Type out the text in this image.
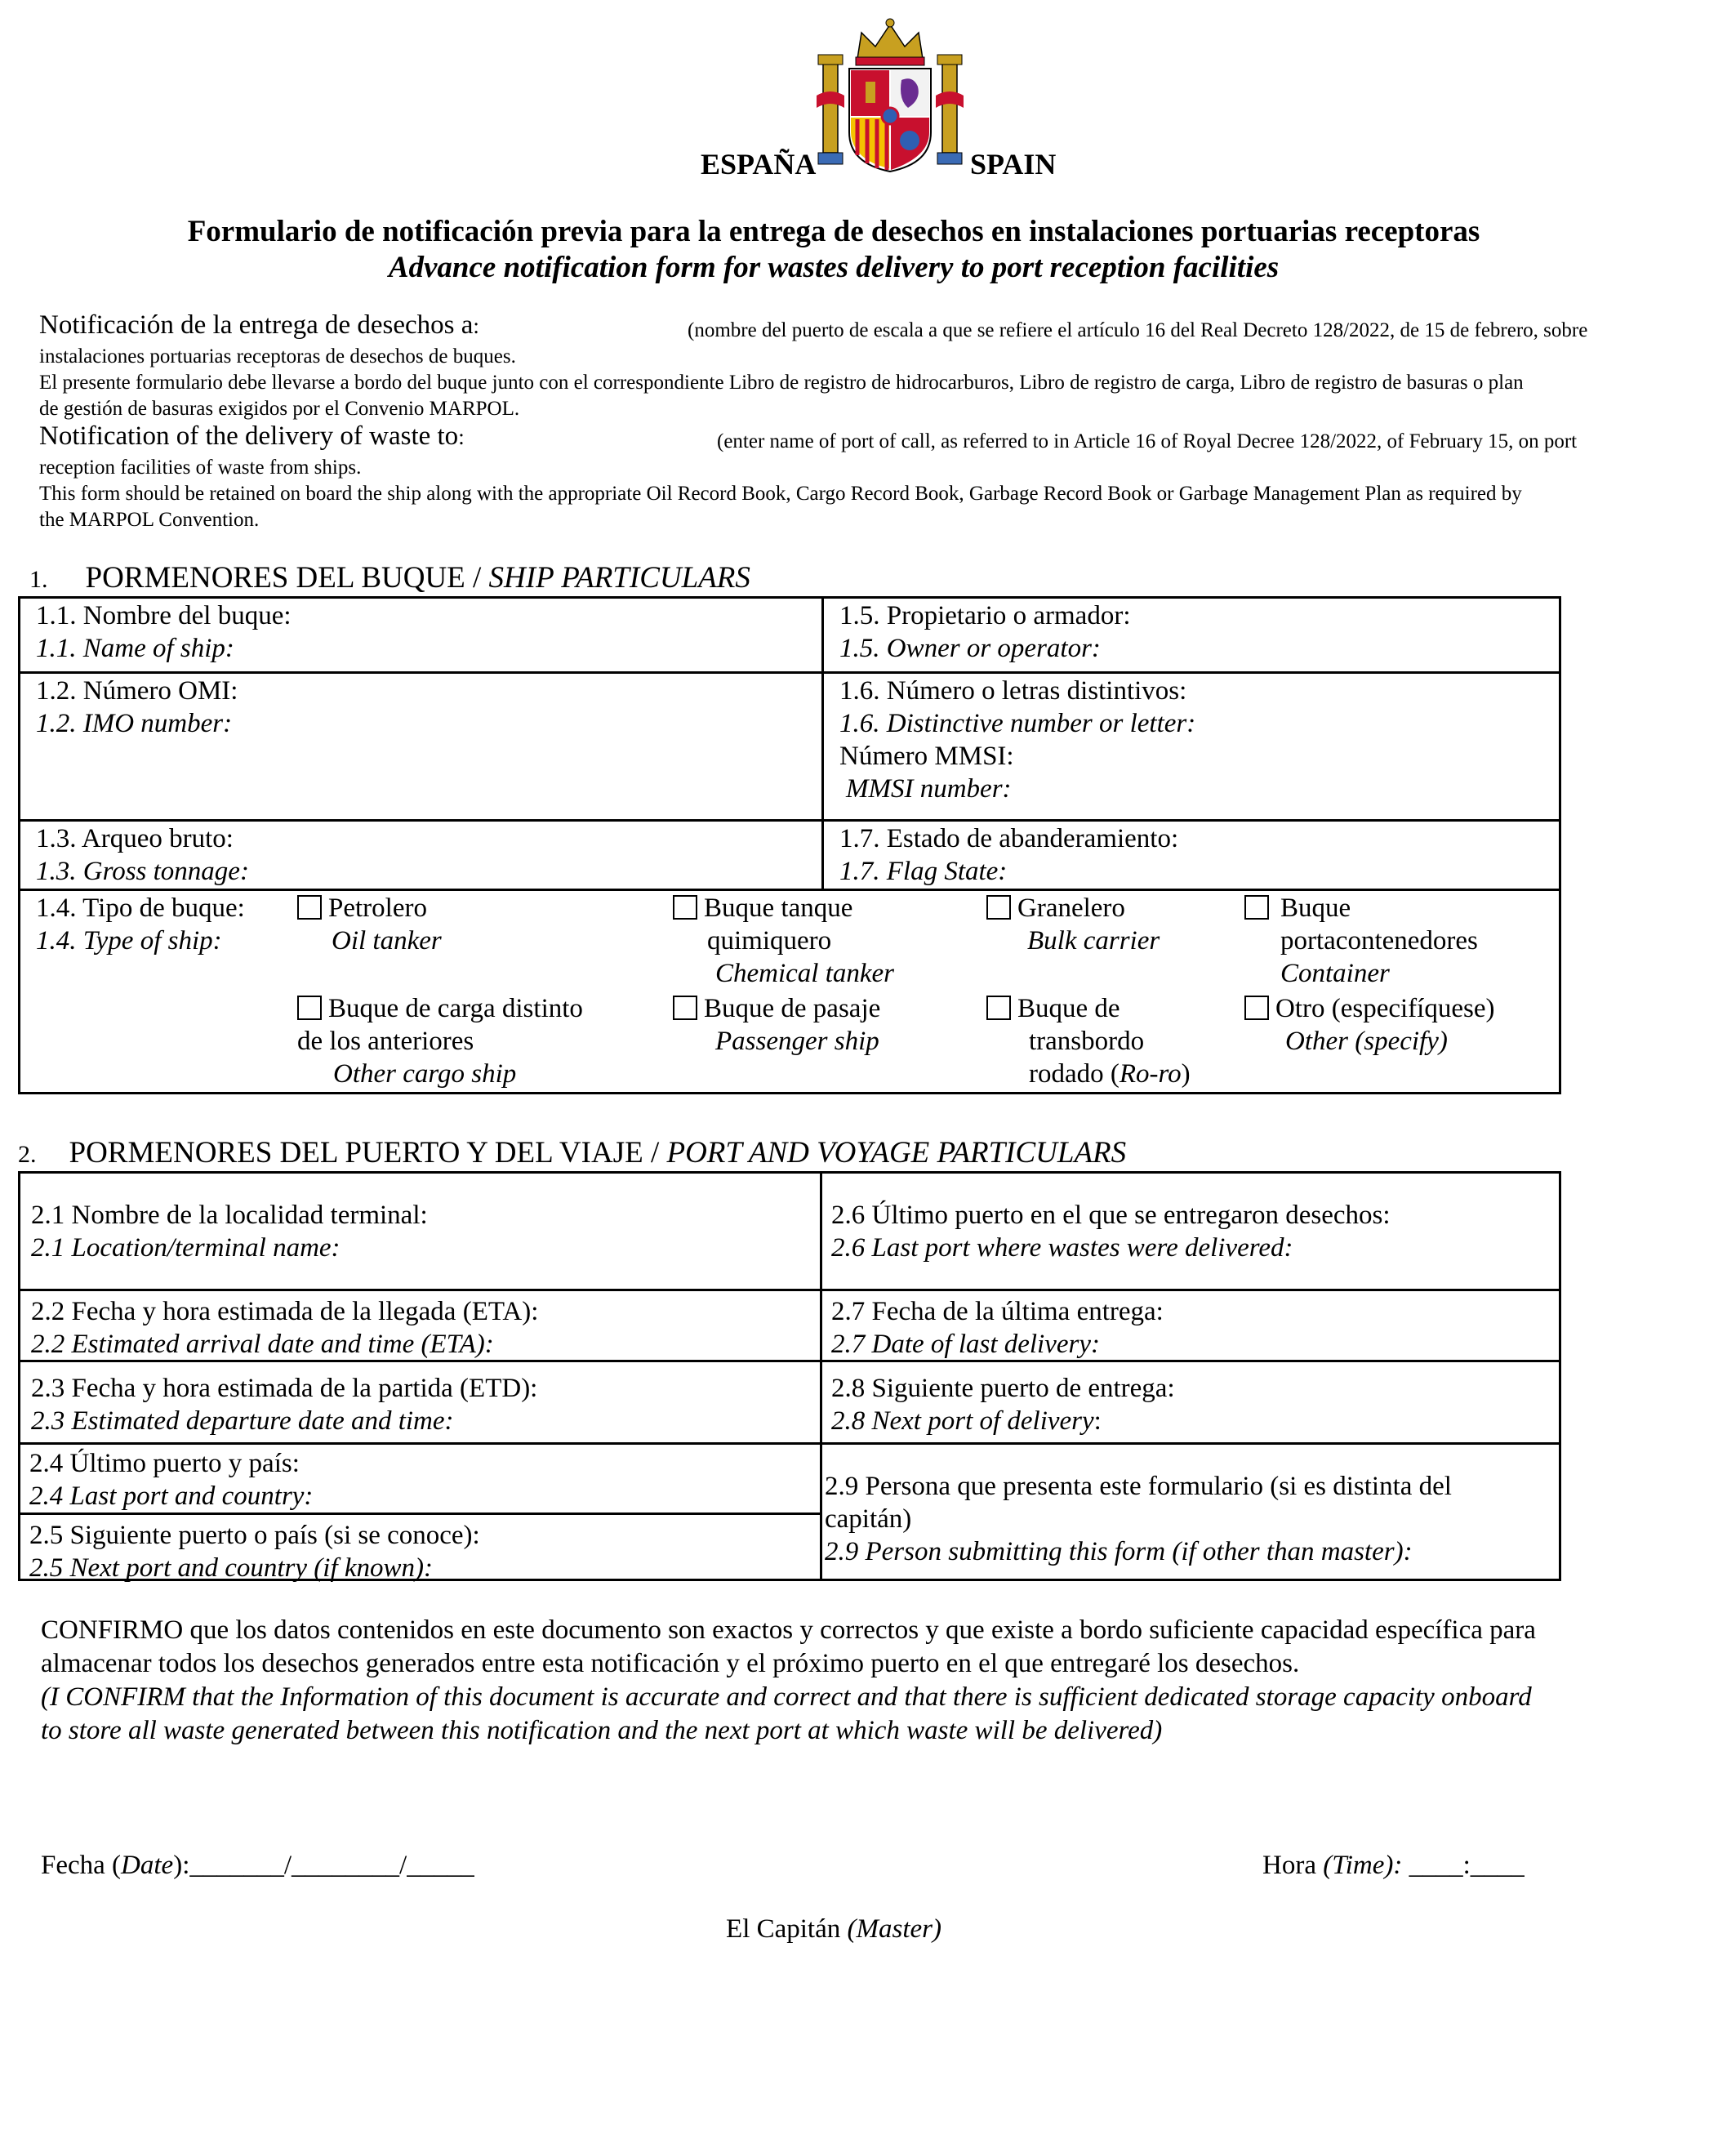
ESPAÑA	SPAIN
Formulario de notificación previa para la entrega de desechos en instalaciones portuarias receptoras
Advance notification form for wastes delivery to port reception facilities
Notificación de la entrega de desechos a:	(nombre del puerto de escala a que se refiere el artículo 16 del Real Decreto 128/2022, de 15 de febrero, sobre
instalaciones portuarias receptoras de desechos de buques.
El presente formulario debe llevarse a bordo del buque junto con el correspondiente Libro de registro de hidrocarburos, Libro de registro de carga, Libro de registro de basuras o plan
de gestión de basuras exigidos por el Convenio MARPOL.
Notification of the delivery of waste to:	(enter name of port of call, as referred to in Article 16 of Royal Decree 128/2022, of February 15, on port
reception facilities of waste from ships.
This form should be retained on board the ship along with the appropriate Oil Record Book, Cargo Record Book, Garbage Record Book or Garbage Management Plan as required by
the MARPOL Convention.
1. PORMENORES DEL BUQUE / SHIP PARTICULARS
1.1. Nombre del buque:
1.1. Name of ship:
1.5. Propietario o armador:
1.5. Owner or operator:
1.2. Número OMI:
1.2. IMO number:
1.6. Número o letras distintivos:
1.6. Distinctive number or letter:
Número MMSI:
MMSI number:
1.3. Arqueo bruto:
1.3. Gross tonnage:
1.7. Estado de abanderamiento:
1.7. Flag State:
1.4. Tipo de buque:
1.4. Type of ship:
Petrolero
Oil tanker
Buque tanque
quimiquero
Chemical tanker
Granelero
Bulk carrier
Buque
portacontenedores
Container
Buque de carga distinto
de los anteriores
Other cargo ship
Buque de pasaje
Passenger ship
Buque de
transbordo
rodado (Ro-ro)
Otro (especifíquese)
Other (specify)
2. PORMENORES DEL PUERTO Y DEL VIAJE / PORT AND VOYAGE PARTICULARS
2.1 Nombre de la localidad terminal:
2.1 Location/terminal name:
2.6 Último puerto en el que se entregaron desechos:
2.6 Last port where wastes were delivered:
2.2 Fecha y hora estimada de la llegada (ETA):
2.2 Estimated arrival date and time (ETA):
2.7 Fecha de la última entrega:
2.7 Date of last delivery:
2.3 Fecha y hora estimada de la partida (ETD):
2.3 Estimated departure date and time:
2.8 Siguiente puerto de entrega:
2.8 Next port of delivery:
2.4 Último puerto y país:
2.4 Last port and country:
2.5 Siguiente puerto o país (si se conoce):
2.5 Next port and country (if known):
2.9 Persona que presenta este formulario (si es distinta del
capitán)
2.9 Person submitting this form (if other than master):
CONFIRMO que los datos contenidos en este documento son exactos y correctos y que existe a bordo suficiente capacidad específica para
almacenar todos los desechos generados entre esta notificación y el próximo puerto en el que entregaré los desechos.
(I CONFIRM that the Information of this document is accurate and correct and that there is sufficient dedicated storage capacity onboard
to store all waste generated between this notification and the next port at which waste will be delivered)
Fecha (Date):_______/________/_____	Hora (Time): ____:____
El Capitán (Master)
